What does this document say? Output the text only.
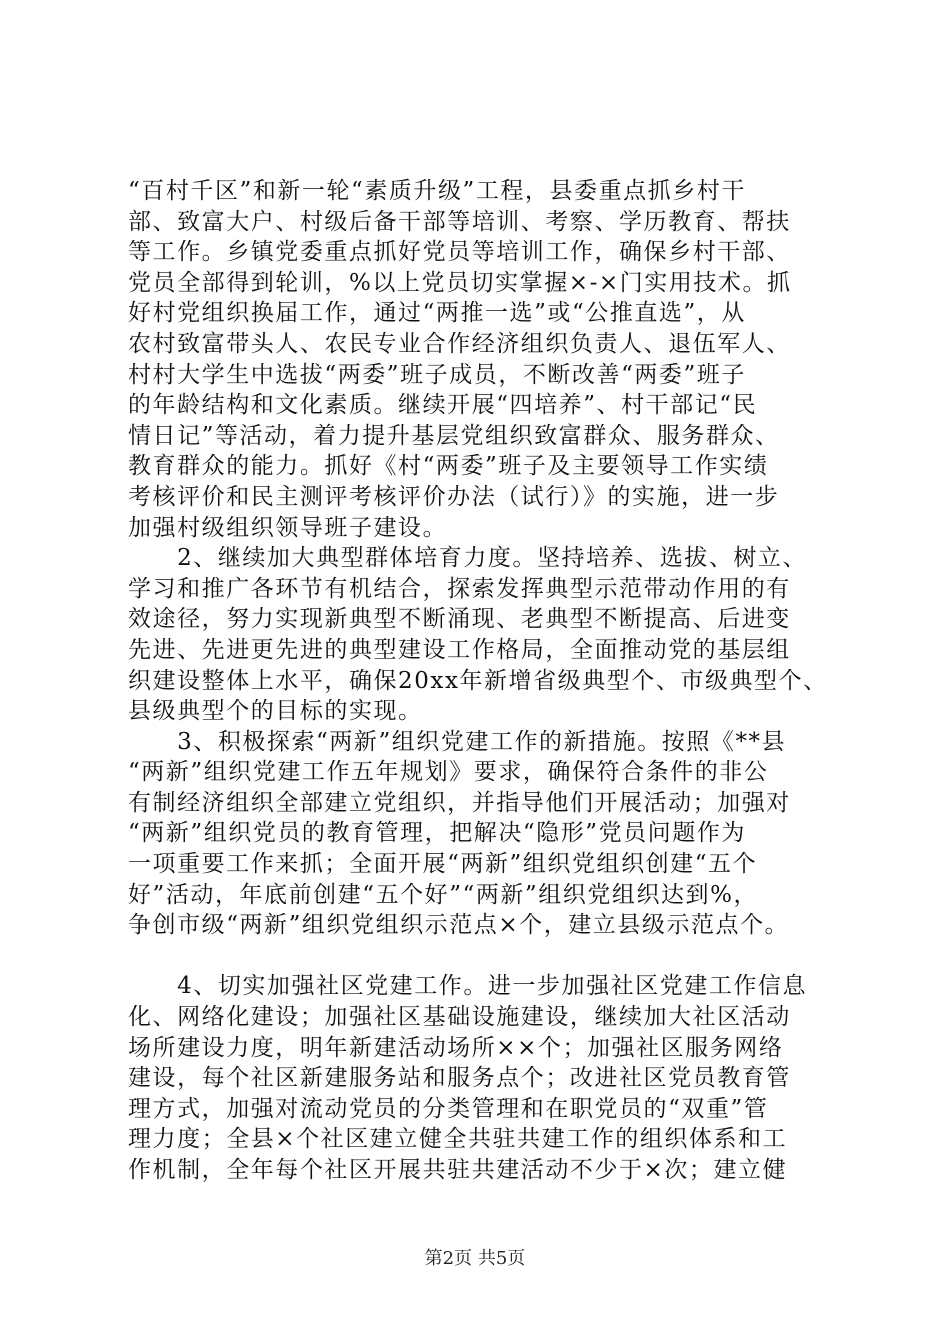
“百村千区”和新一轮“素质升级”工程，县委重点抓乡村干
部、致富大户、村级后备干部等培训、考察、学历教育、帮扶
等工作。乡镇党委重点抓好党员等培训工作，确保乡村干部、
党员全部得到轮训，%以上党员切实掌握×-×门实用技术。抓
好村党组织换届工作，通过“两推一选”或“公推直选”，从
农村致富带头人、农民专业合作经济组织负责人、退伍军人、
村村大学生中选拔“两委”班子成员，不断改善“两委”班子
的年龄结构和文化素质。继续开展“四培养”、村干部记“民
情日记”等活动，着力提升基层党组织致富群众、服务群众、
教育群众的能力。抓好《村“两委”班子及主要领导工作实绩
考核评价和民主测评考核评价办法（试行）》的实施，进一步
加强村级组织领导班子建设。
　　2、继续加大典型群体培育力度。坚持培养、选拔、树立、
学习和推广各环节有机结合，探索发挥典型示范带动作用的有
效途径，努力实现新典型不断涌现、老典型不断提高、后进变
先进、先进更先进的典型建设工作格局，全面推动党的基层组
织建设整体上水平，确保20xx年新增省级典型个、市级典型个、
县级典型个的目标的实现。
　　3、积极探索“两新”组织党建工作的新措施。按照《**县
“两新”组织党建工作五年规划》要求，确保符合条件的非公
有制经济组织全部建立党组织，并指导他们开展活动；加强对
“两新”组织党员的教育管理，把解决“隐形”党员问题作为
一项重要工作来抓；全面开展“两新”组织党组织创建“五个
好”活动，年底前创建“五个好”“两新”组织党组织达到%，
争创市级“两新”组织党组织示范点×个，建立县级示范点个。
　　4、切实加强社区党建工作。进一步加强社区党建工作信息
化、网络化建设；加强社区基础设施建设，继续加大社区活动
场所建设力度，明年新建活动场所××个；加强社区服务网络
建设，每个社区新建服务站和服务点个；改进社区党员教育管
理方式，加强对流动党员的分类管理和在职党员的“双重”管
理力度；全县×个社区建立健全共驻共建工作的组织体系和工
作机制，全年每个社区开展共驻共建活动不少于×次；建立健
第2页 共5页
